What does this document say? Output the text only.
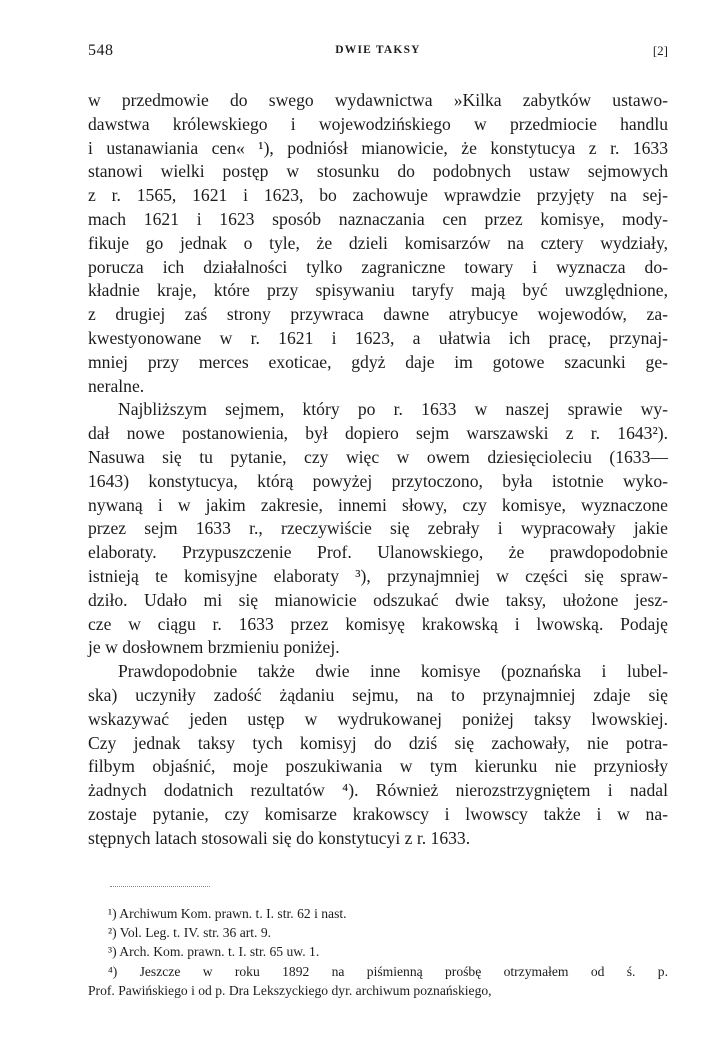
548	DWIE TAKSY	[2]
w przedmowie do swego wydawnictwa »Kilka zabytków ustawo-
dawstwa królewskiego i wojewodzińskiego w przedmiocie handlu
i ustanawiania cen« ¹), podniósł mianowicie, że konstytucya z r. 1633
stanowi wielki postęp w stosunku do podobnych ustaw sejmowych
z r. 1565, 1621 i 1623, bo zachowuje wprawdzie przyjęty na sej-
mach 1621 i 1623 sposób naznaczania cen przez komisye, mody-
fikuje go jednak o tyle, że dzieli komisarzów na cztery wydziały,
porucza ich działalności tylko zagraniczne towary i wyznacza do-
kładnie kraje, które przy spisywaniu taryfy mają być uwzględnione,
z drugiej zaś strony przywraca dawne atrybucye wojewodów, za-
kwestyonowane w r. 1621 i 1623, a ułatwia ich pracę, przynaj-
mniej przy merces exoticae, gdyż daje im gotowe szacunki ge-
neralne.
Najbliższym sejmem, który po r. 1633 w naszej sprawie wy-
dał nowe postanowienia, był dopiero sejm warszawski z r. 1643²).
Nasuwa się tu pytanie, czy więc w owem dziesięcioleciu (1633—
1643) konstytucya, którą powyżej przytoczono, była istotnie wyko-
nywaną i w jakim zakresie, innemi słowy, czy komisye, wyznaczone
przez sejm 1633 r., rzeczywiście się zebrały i wypracowały jakie
elaboraty. Przypuszczenie Prof. Ulanowskiego, że prawdopodobnie
istnieją te komisyjne elaboraty ³), przynajmniej w części się spraw-
dziło. Udało mi się mianowicie odszukać dwie taksy, ułożone jesz-
cze w ciągu r. 1633 przez komisyę krakowską i lwowską. Podaję
je w dosłownem brzmieniu poniżej.
Prawdopodobnie także dwie inne komisye (poznańska i lubel-
ska) uczyniły zadość żądaniu sejmu, na to przynajmniej zdaje się
wskazywać jeden ustęp w wydrukowanej poniżej taksy lwowskiej.
Czy jednak taksy tych komisyj do dziś się zachowały, nie potra-
filbym objaśnić, moje poszukiwania w tym kierunku nie przyniosły
żadnych dodatnich rezultatów ⁴). Również nierozstrzygniętem i nadal
zostaje pytanie, czy komisarze krakowscy i lwowscy także i w na-
stępnych latach stosowali się do konstytucyi z r. 1633.
¹) Archiwum Kom. prawn. t. I. str. 62 i nast.
²) Vol. Leg. t. IV. str. 36 art. 9.
³) Arch. Kom. prawn. t. I. str. 65 uw. 1.
⁴) Jeszcze w roku 1892 na piśmienną prośbę otrzymałem od ś. p.
Prof. Pawińskiego i od p. Dra Lekszyckiego dyr. archiwum poznańskiego,
